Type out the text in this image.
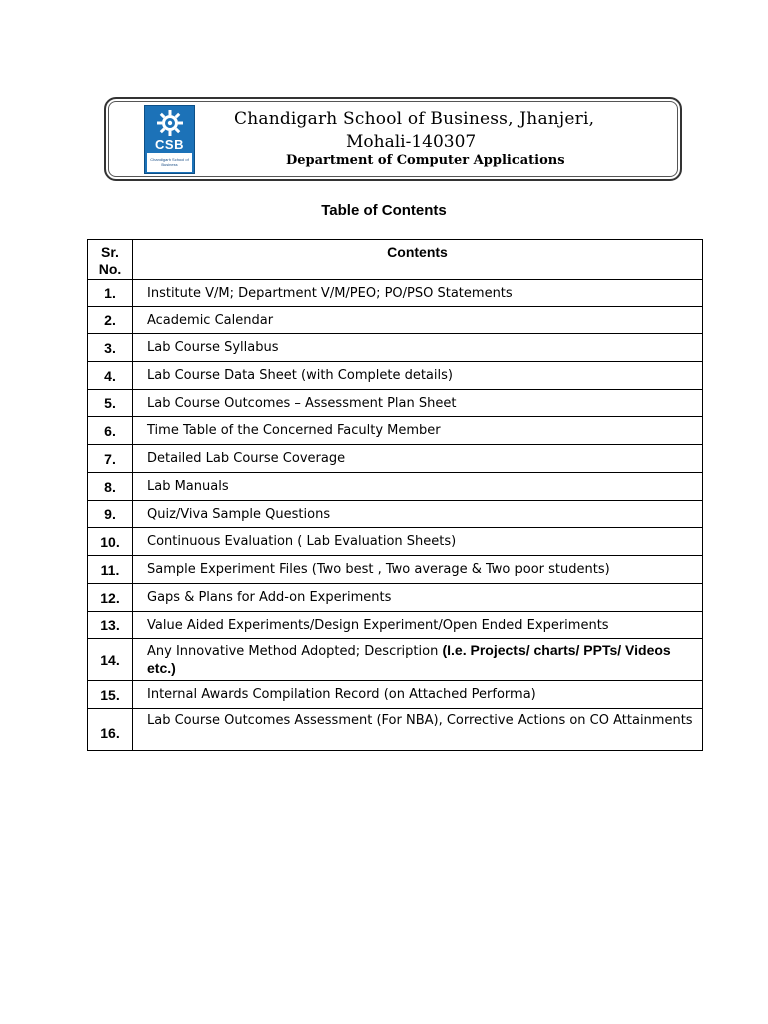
CSB
Chandigarh School of Business
Chandigarh School of Business, Jhanjeri,
Mohali-140307
Department of Computer Applications
Table of Contents
Sr.
No.	Contents
1.	Institute V/M; Department V/M/PEO; PO/PSO Statements
2.	Academic Calendar
3.	Lab Course Syllabus
4.	Lab Course Data Sheet (with Complete details)
5.	Lab Course Outcomes – Assessment Plan Sheet
6.	Time Table of the Concerned Faculty Member
7.	Detailed Lab Course Coverage
8.	Lab Manuals
9.	Quiz/Viva Sample Questions
10.	Continuous Evaluation ( Lab Evaluation Sheets)
11.	Sample Experiment Files (Two best , Two average & Two poor students)
12.	Gaps & Plans for Add-on Experiments
13.	Value Aided Experiments/Design Experiment/Open Ended Experiments
14.	Any Innovative Method Adopted; Description (I.e. Projects/ charts/ PPTs/ Videos etc.)
15.	Internal Awards Compilation Record (on Attached Performa)
16.	Lab Course Outcomes Assessment (For NBA), Corrective Actions on CO Attainments
